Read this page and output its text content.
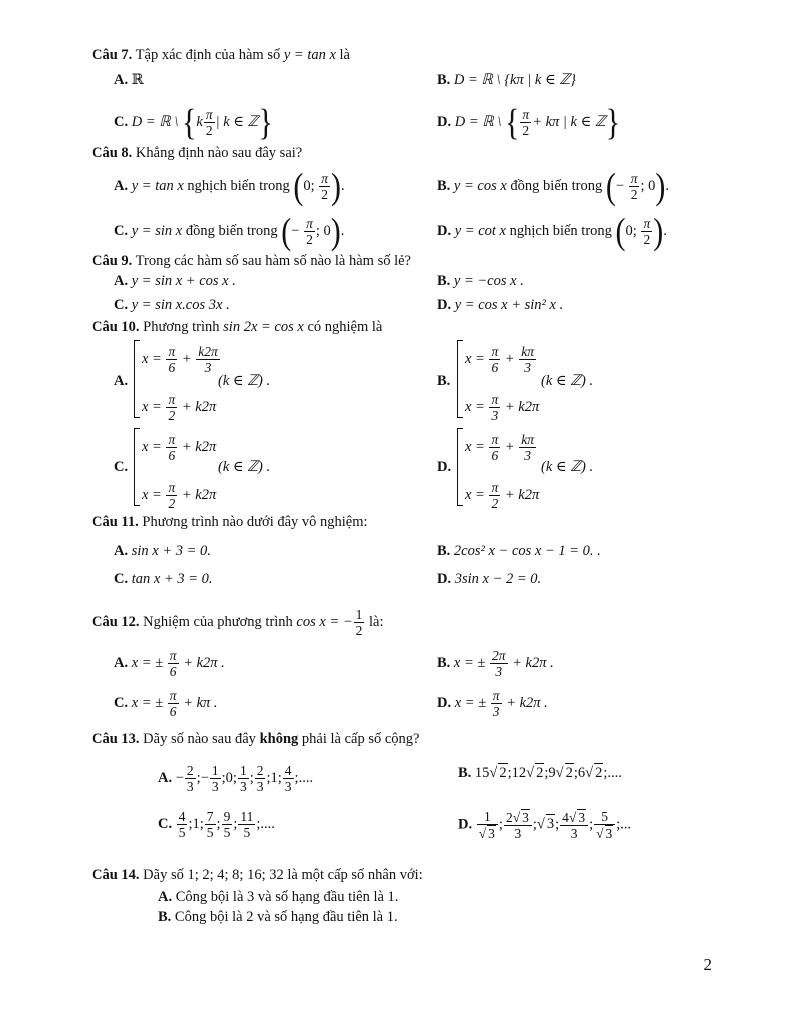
Câu 7. Tập xác định của hàm số y = tan x là
A. ℝ	B. D = ℝ \ {kπ | k ∈ ℤ}
C. D = ℝ \ {$k \frac{\pi}{2}$ | k ∈ ℤ}	D. D = ℝ \ { $\frac{\pi}{2} + k\pi$ | k ∈ ℤ}
Câu 8. Khẳng định nào sau đây sai?
A. y = tan x nghịch biến trong (0; $\frac{\pi}{2}$ ).	B. y = cos x đồng biến trong (− $\frac{\pi}{2}$ ; 0).
C. y = sin x đồng biến trong (− $\frac{\pi}{2}$ ; 0).	D. y = cot x nghịch biến trong (0; $\frac{\pi}{2}$ ).
Câu 9. Trong các hàm số sau hàm số nào là hàm số lẻ?
A. y = sin x + cos x .	B. y = −cos x .
C. y = sin x.cos 3x .	D. y = cos x + sin² x .
Câu 10. Phương trình sin 2x = cos x có nghiệm là
A.
$x = \frac{\pi}{6} + \frac{k2\pi}{3}$
$x = \frac{\pi}{2} + k2\pi$
(k ∈ ℤ) .	B.
$x = \frac{\pi}{6} + \frac{k\pi}{3}$
$x = \frac{\pi}{3} + k2\pi$
(k ∈ ℤ) .
C.
$x = \frac{\pi}{6} + k2\pi$
$x = \frac{\pi}{2} + k2\pi$
(k ∈ ℤ) .	D.
$x = \frac{\pi}{6} + \frac{k\pi}{3}$
$x = \frac{\pi}{2} + k2\pi$
(k ∈ ℤ) .
Câu 11. Phương trình nào dưới đây vô nghiệm:
A. sin x + 3 = 0.	B. 2cos² x − cos x − 1 = 0. .
C. tan x + 3 = 0.	D. 3sin x − 2 = 0.
Câu 12. Nghiệm của phương trình cos x = − $\frac{1}{2}$ là:
A. x = ± $\frac{\pi}{6} + k2\pi$ .	B. x = ± $\frac{2\pi}{3} + k2\pi$ .
C. x = ± $\frac{\pi}{6} + k\pi$ .	D. x = ± $\frac{\pi}{3} + k2\pi$ .
Câu 13. Dãy số nào sau đây không phải là cấp số cộng?
A. − $\frac{2}{3}$ ;− $\frac{1}{3}$ ;0; $\frac{1}{3}$ ; $\frac{2}{3}$ ;1; $\frac{4}{3}$ ;....	B. 15√ 2;12√ 2;9√ 2;6√ 2;....
C. $\frac{4}{5}$ ;1; $\frac{7}{5}$ ; $\frac{9}{5}$ ; $\frac{11}{5}$ ;....	D. $\frac{1}{√ 3}$ ; $\frac{2√ 3}{3}$ ;√ 3; $\frac{4√ 3}{3}$ ; $\frac{5}{√ 3}$ ;...
Câu 14. Dãy số 1; 2; 4; 8; 16; 32 là một cấp số nhân với:
A. Công bội là 3 và số hạng đầu tiên là 1.
B. Công bội là 2 và số hạng đầu tiên là 1.
2
